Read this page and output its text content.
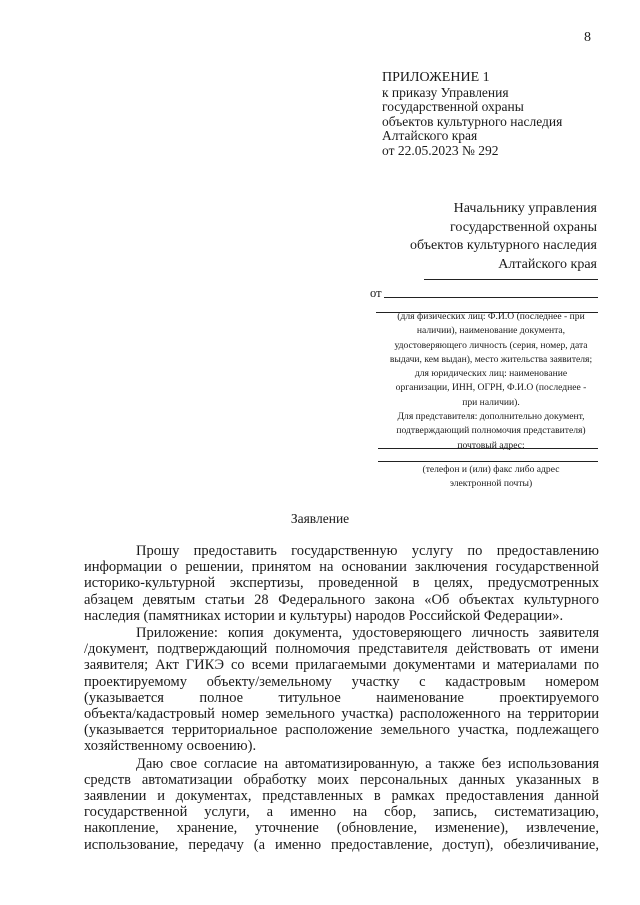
8
ПРИЛОЖЕНИЕ 1
к приказу Управления
государственной охраны
объектов культурного наследия
Алтайского края
от 22.05.2023 № 292
Начальнику управления
государственной охраны
объектов культурного наследия
Алтайского края
от
(для физических лиц: Ф.И.О (последнее - при
наличии), наименование документа,
удостоверяющего личность (серия, номер, дата
выдачи, кем выдан), место жительства заявителя;
для юридических лиц: наименование
организации, ИНН, ОГРН, Ф.И.О (последнее -
при наличии).
Для представителя: дополнительно документ,
подтверждающий полномочия представителя)
почтовый адрес:
(телефон и (или) факс либо адрес
электронной почты)
Заявление
Прошу предоставить государственную услугу по предоставлению
информации о решении, принятом на основании заключения государственной
историко-культурной экспертизы, проведенной в целях, предусмотренных
абзацем девятым статьи 28 Федерального закона «Об объектах культурного
наследия (памятниках истории и культуры) народов Российской Федерации».
Приложение: копия документа, удостоверяющего личность заявителя
/документ, подтверждающий полномочия представителя действовать от имени
заявителя; Акт ГИКЭ со всеми прилагаемыми документами и материалами по
проектируемому объекту/земельному участку с кадастровым номером
(указывается полное титульное наименование проектируемого
объекта/кадастровый номер земельного участка) расположенного на территории
(указывается территориальное расположение земельного участка, подлежащего
хозяйственному освоению).
Даю свое согласие на автоматизированную, а также без использования
средств автоматизации обработку моих персональных данных указанных в
заявлении и документах, представленных в рамках предоставления данной
государственной услуги, а именно на сбор, запись, систематизацию,
накопление, хранение, уточнение (обновление, изменение), извлечение,
использование, передачу (а именно предоставление, доступ), обезличивание,
